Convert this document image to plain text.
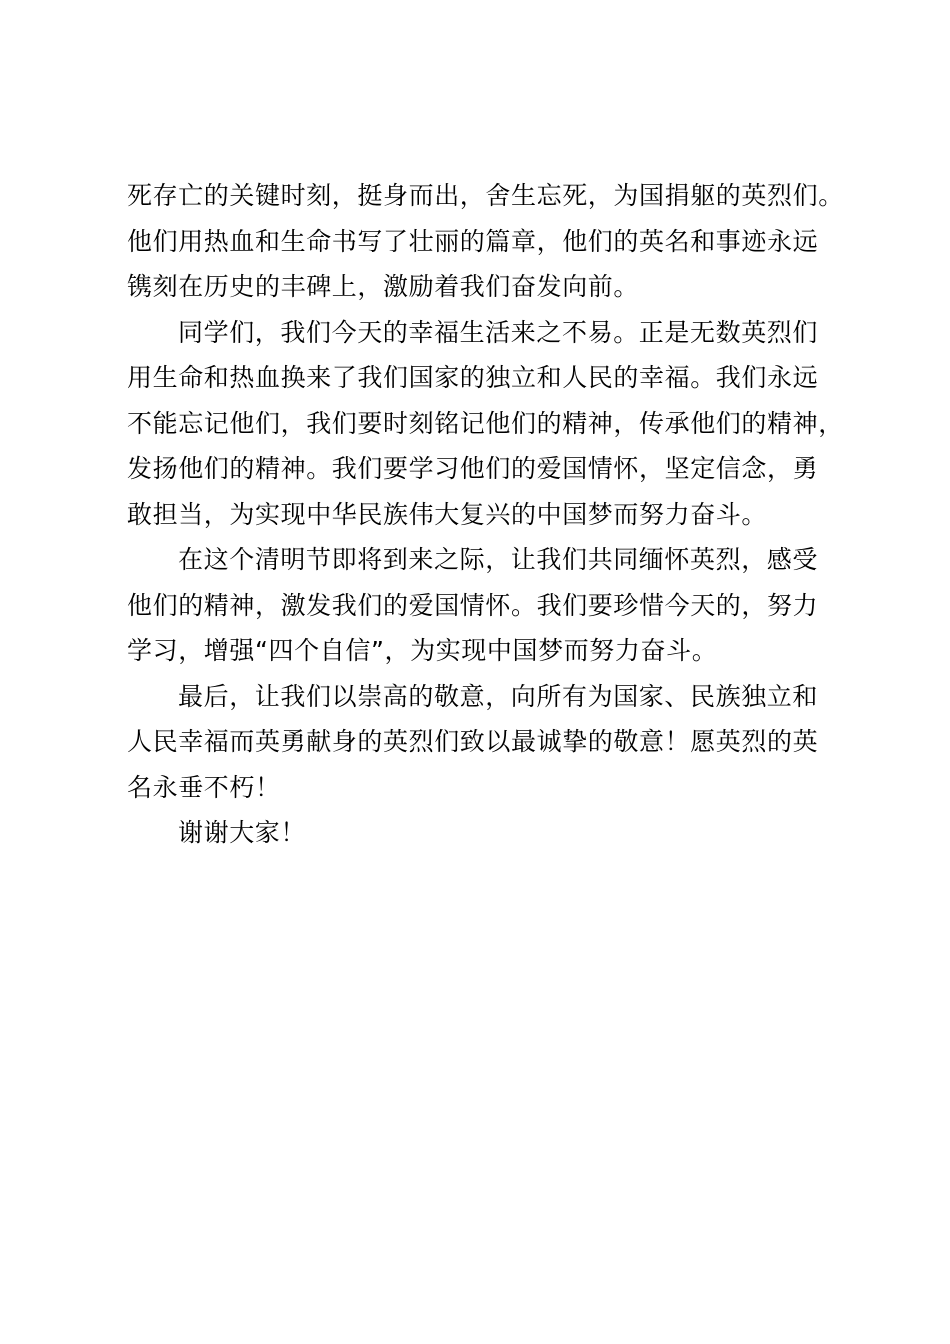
死存亡的关键时刻，挺身而出，舍生忘死，为国捐躯的英烈们。
他们用热血和生命书写了壮丽的篇章，他们的英名和事迹永远
镌刻在历史的丰碑上，激励着我们奋发向前。
同学们，我们今天的幸福生活来之不易。正是无数英烈们
用生命和热血换来了我们国家的独立和人民的幸福。我们永远
不能忘记他们，我们要时刻铭记他们的精神，传承他们的精神，
发扬他们的精神。我们要学习他们的爱国情怀，坚定信念，勇
敢担当，为实现中华民族伟大复兴的中国梦而努力奋斗。
在这个清明节即将到来之际，让我们共同缅怀英烈，感受
他们的精神，激发我们的爱国情怀。我们要珍惜今天的，努力
学习，增强“四个自信”，为实现中国梦而努力奋斗。
最后，让我们以崇高的敬意，向所有为国家、民族独立和
人民幸福而英勇献身的英烈们致以最诚挚的敬意！愿英烈的英
名永垂不朽！
谢谢大家！
